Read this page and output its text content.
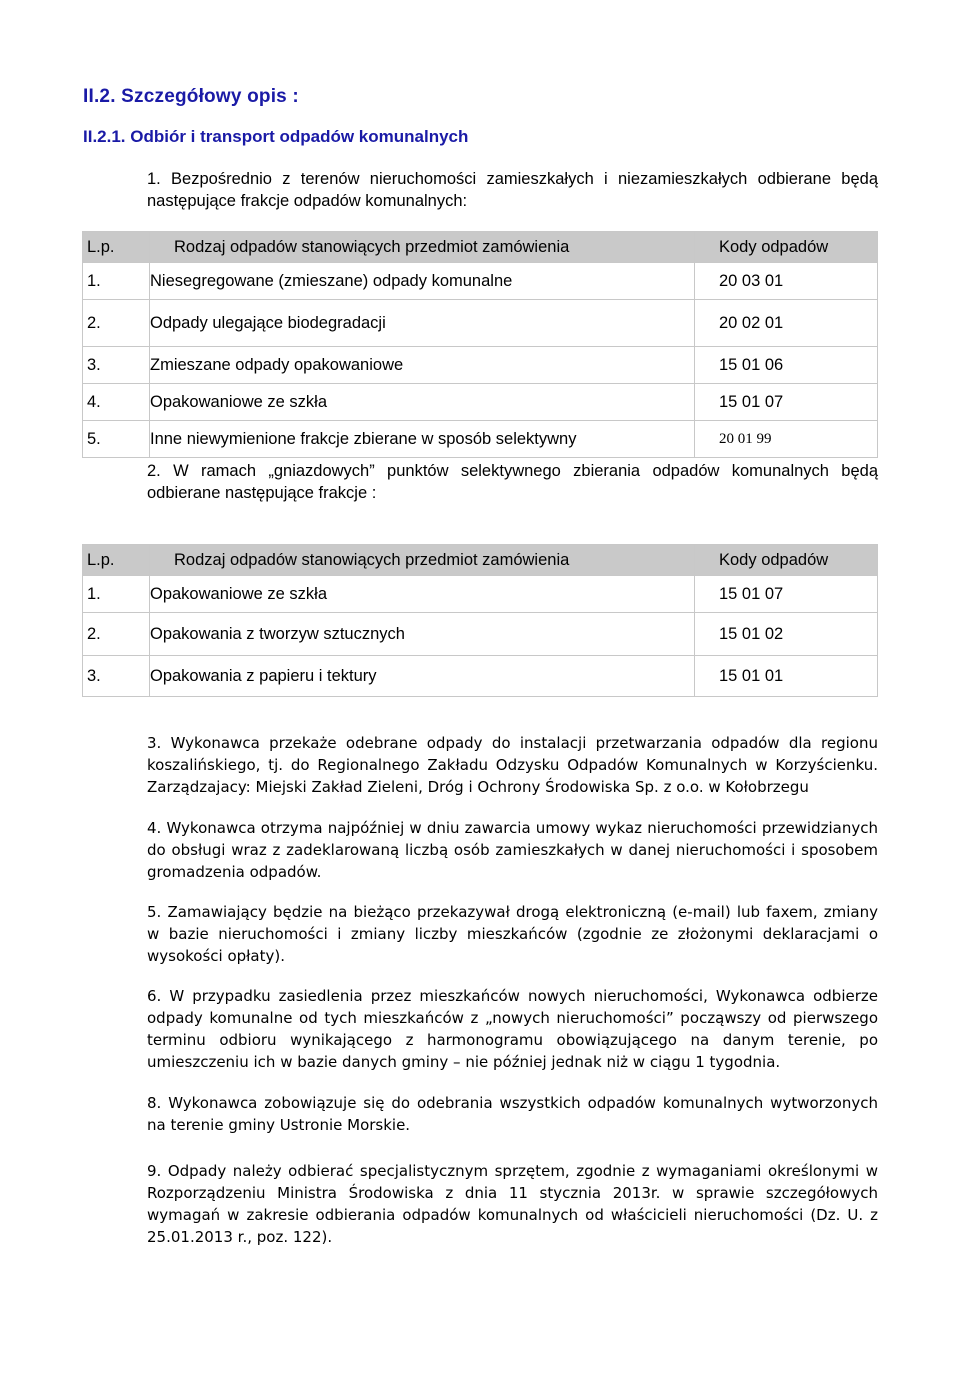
II.2. Szczegółowy opis :
II.2.1. Odbiór i transport odpadów komunalnych
1. Bezpośrednio z terenów nieruchomości zamieszkałych i niezamieszkałych odbierane będą następujące frakcje odpadów komunalnych:
L.p.	Rodzaj odpadów stanowiących przedmiot zamówienia	Kody odpadów
1.	Niesegregowane (zmieszane) odpady komunalne	20 03 01
2.	Odpady ulegające biodegradacji	20 02 01
3.	Zmieszane odpady opakowaniowe	15 01 06
4.	Opakowaniowe ze szkła	15 01 07
5.	Inne niewymienione frakcje zbierane w sposób selektywny	20 01 99
2. W ramach „gniazdowych” punktów selektywnego zbierania odpadów komunalnych będą odbierane następujące frakcje :
L.p.	Rodzaj odpadów stanowiących przedmiot zamówienia	Kody odpadów
1.	Opakowaniowe ze szkła	15 01 07
2.	Opakowania z tworzyw sztucznych	15 01 02
3.	Opakowania z papieru i tektury	15 01 01
3. Wykonawca przekaże odebrane odpady do instalacji przetwarzania odpadów dla regionu koszalińskiego, tj. do Regionalnego Zakładu Odzysku Odpadów Komunalnych w Korzyścienku. Zarządzajacy: Miejski Zakład Zieleni, Dróg i Ochrony Środowiska Sp. z o.o. w Kołobrzegu
4. Wykonawca otrzyma najpóźniej w dniu zawarcia umowy wykaz nieruchomości przewidzianych do obsługi wraz z zadeklarowaną liczbą osób zamieszkałych w danej nieruchomości i sposobem gromadzenia odpadów.
5. Zamawiający będzie na bieżąco przekazywał drogą elektroniczną (e-mail) lub faxem, zmiany w bazie nieruchomości i zmiany liczby mieszkańców (zgodnie ze złożonymi deklaracjami o wysokości opłaty).
6. W przypadku zasiedlenia przez mieszkańców nowych nieruchomości, Wykonawca odbierze odpady komunalne od tych mieszkańców z „nowych nieruchomości” począwszy od pierwszego terminu odbioru wynikającego z harmonogramu obowiązującego na danym terenie, po umieszczeniu ich w bazie danych gminy – nie później jednak niż w ciągu 1 tygodnia.
8. Wykonawca zobowiązuje się do odebrania wszystkich odpadów komunalnych wytworzonych na terenie gminy Ustronie Morskie.
9. Odpady należy odbierać specjalistycznym sprzętem, zgodnie z wymaganiami określonymi w Rozporządzeniu Ministra Środowiska z dnia 11 stycznia 2013r. w sprawie szczegółowych wymagań w zakresie odbierania odpadów komunalnych od właścicieli nieruchomości (Dz. U. z 25.01.2013 r., poz. 122).
